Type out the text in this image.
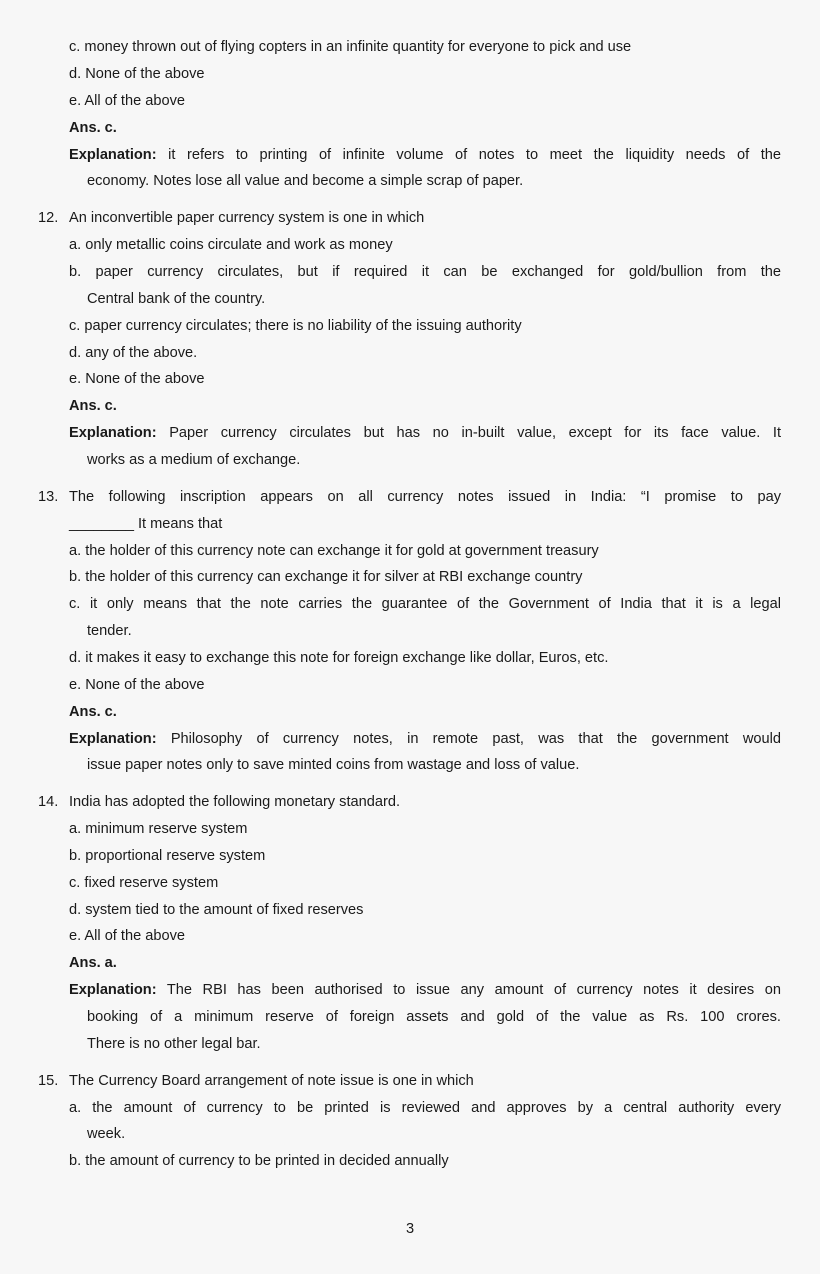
c. money thrown out of flying copters in an infinite quantity for everyone to pick and use
d. None of the above
e. All of the above
Ans. c.
Explanation: it refers to printing of infinite volume of notes to meet the liquidity needs of the
economy. Notes lose all value and become a simple scrap of paper.
12. An inconvertible paper currency system is one in which
a. only metallic coins circulate and work as money
b. paper currency circulates, but if required it can be exchanged for gold/bullion from the
Central bank of the country.
c. paper currency circulates; there is no liability of the issuing authority
d. any of the above.
e. None of the above
Ans. c.
Explanation: Paper currency circulates but has no in-built value, except for its face value. It
works as a medium of exchange.
13. The following inscription appears on all currency notes issued in India: “I promise to pay
________ It means that
a. the holder of this currency note can exchange it for gold at government treasury
b. the holder of this currency can exchange it for silver at RBI exchange country
c. it only means that the note carries the guarantee of the Government of India that it is a legal
tender.
d. it makes it easy to exchange this note for foreign exchange like dollar, Euros, etc.
e. None of the above
Ans. c.
Explanation: Philosophy of currency notes, in remote past, was that the government would
issue paper notes only to save minted coins from wastage and loss of value.
14. India has adopted the following monetary standard.
a. minimum reserve system
b. proportional reserve system
c. fixed reserve system
d. system tied to the amount of fixed reserves
e. All of the above
Ans. a.
Explanation: The RBI has been authorised to issue any amount of currency notes it desires on
booking of a minimum reserve of foreign assets and gold of the value as Rs. 100 crores.
There is no other legal bar.
15. The Currency Board arrangement of note issue is one in which
a. the amount of currency to be printed is reviewed and approves by a central authority every
week.
b. the amount of currency to be printed in decided annually
3
